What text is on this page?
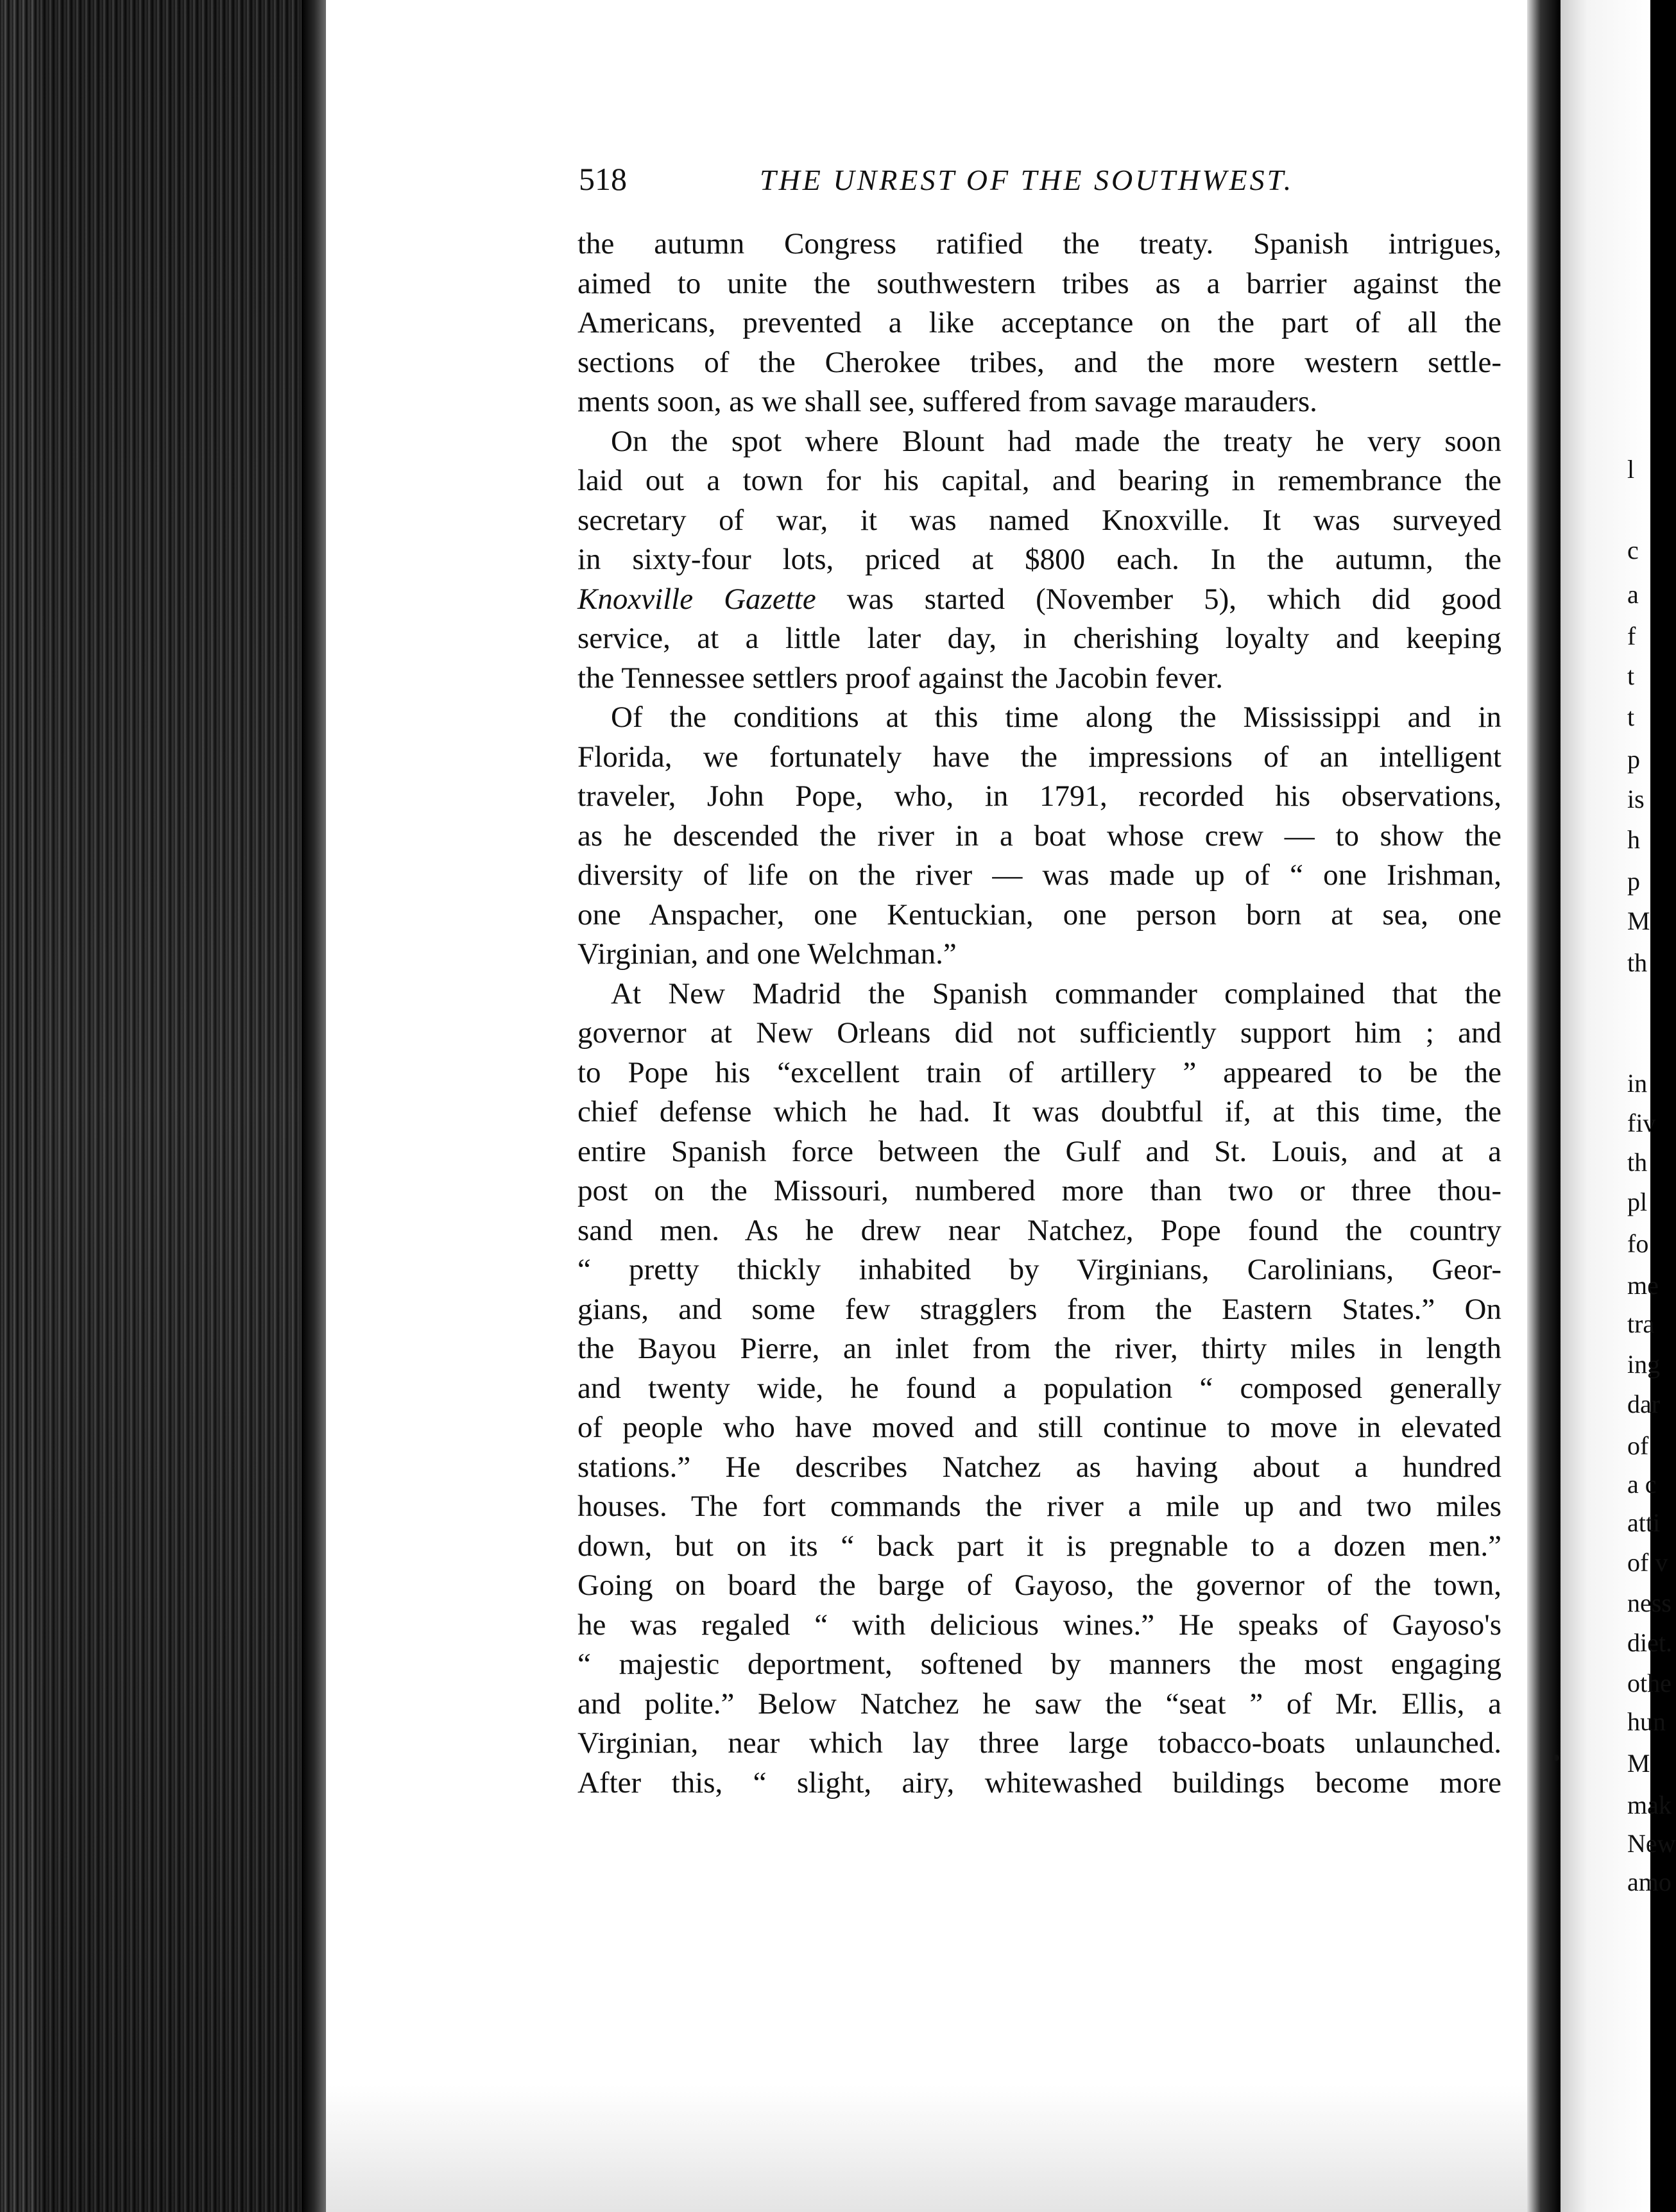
518	THE UNREST OF THE SOUTHWEST.
the autumn Congress ratified the treaty. Spanish intrigues,
aimed to unite the southwestern tribes as a barrier against the
Americans, prevented a like acceptance on the part of all the
sections of the Cherokee tribes, and the more western settle-
ments soon, as we shall see, suffered from savage marauders.
On the spot where Blount had made the treaty he very soon
laid out a town for his capital, and bearing in remembrance the
secretary of war, it was named Knoxville. It was surveyed
in sixty-four lots, priced at $800 each. In the autumn, the
Knoxville Gazette was started (November 5), which did good
service, at a little later day, in cherishing loyalty and keeping
the Tennessee settlers proof against the Jacobin fever.
Of the conditions at this time along the Mississippi and in
Florida, we fortunately have the impressions of an intelligent
traveler, John Pope, who, in 1791, recorded his observations,
as he descended the river in a boat whose crew — to show the
diversity of life on the river — was made up of “ one Irishman,
one Anspacher, one Kentuckian, one person born at sea, one
Virginian, and one Welchman.”
At New Madrid the Spanish commander complained that the
governor at New Orleans did not sufficiently support him ; and
to Pope his “excellent train of artillery ” appeared to be the
chief defense which he had. It was doubtful if, at this time, the
entire Spanish force between the Gulf and St. Louis, and at a
post on the Missouri, numbered more than two or three thou-
sand men. As he drew near Natchez, Pope found the country
“ pretty thickly inhabited by Virginians, Carolinians, Geor-
gians, and some few stragglers from the Eastern States.” On
the Bayou Pierre, an inlet from the river, thirty miles in length
and twenty wide, he found a population “ composed generally
of people who have moved and still continue to move in elevated
stations.” He describes Natchez as having about a hundred
houses. The fort commands the river a mile up and two miles
down, but on its “ back part it is pregnable to a dozen men.”
Going on board the barge of Gayoso, the governor of the town,
he was regaled “ with delicious wines.” He speaks of Gayoso's
“ majestic deportment, softened by manners the most engaging
and polite.” Below Natchez he saw the “seat ” of Mr. Ellis, a
Virginian, near which lay three large tobacco-boats unlaunched.
After this, “ slight, airy, whitewashed buildings become more
l
c
a
f
t
t
p
is
h
p
M
th
in
fiv
th
pl
fo
me
tra
ing
dar
of
a c
atti
of v
ness
diet.
othe
hun
M
mak
New
amo
